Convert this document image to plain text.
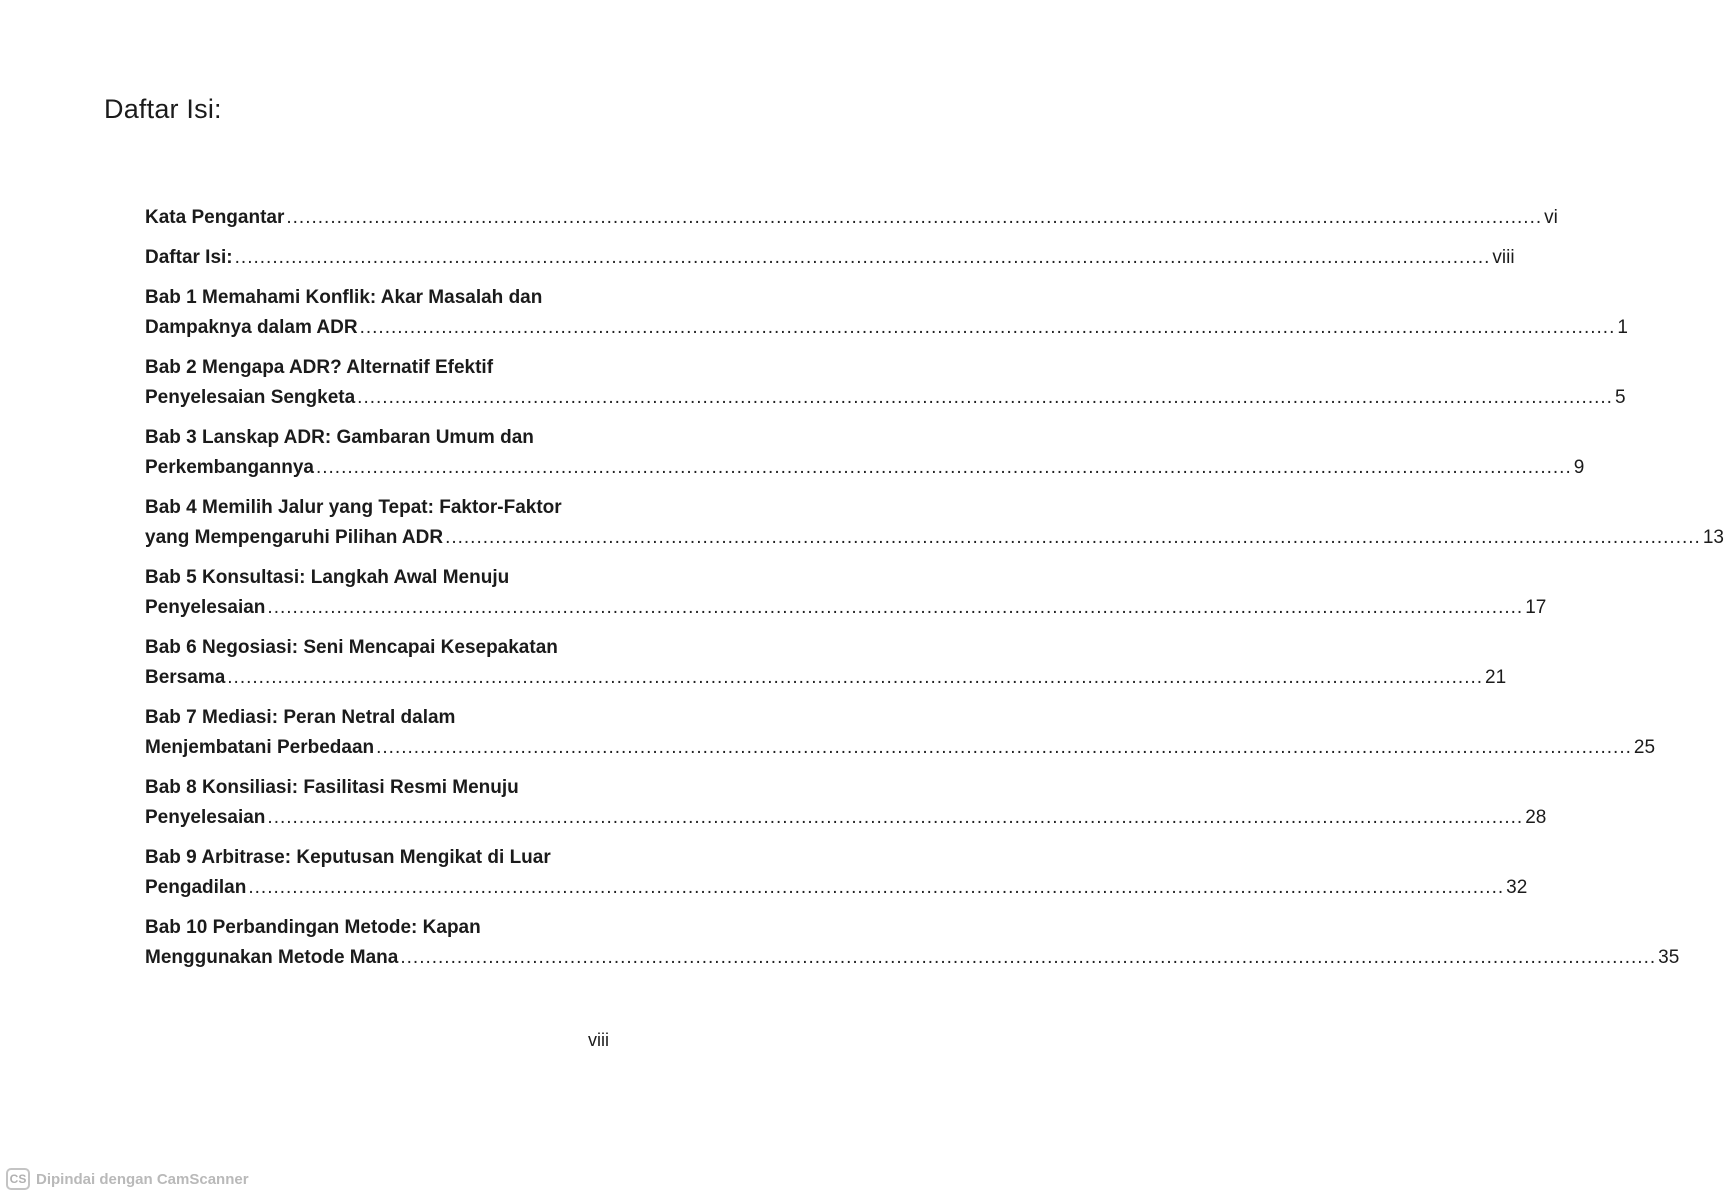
Daftar Isi:
Kata Pengantar ........................................................................................................................................................................................................ vi
Daftar Isi: ........................................................................................................................................................................................................ viii
Bab 1 Memahami Konflik: Akar Masalah dan
Dampaknya dalam ADR ........................................................................................................................................................................................................ 1
Bab 2 Mengapa ADR? Alternatif Efektif
Penyelesaian Sengketa ........................................................................................................................................................................................................ 5
Bab 3 Lanskap ADR: Gambaran Umum dan
Perkembangannya ........................................................................................................................................................................................................ 9
Bab 4 Memilih Jalur yang Tepat: Faktor-Faktor
yang Mempengaruhi Pilihan ADR ........................................................................................................................................................................................................ 13
Bab 5 Konsultasi: Langkah Awal Menuju
Penyelesaian ........................................................................................................................................................................................................ 17
Bab 6 Negosiasi: Seni Mencapai Kesepakatan
Bersama ........................................................................................................................................................................................................ 21
Bab 7 Mediasi: Peran Netral dalam
Menjembatani Perbedaan ........................................................................................................................................................................................................ 25
Bab 8 Konsiliasi: Fasilitasi Resmi Menuju
Penyelesaian ........................................................................................................................................................................................................ 28
Bab 9 Arbitrase: Keputusan Mengikat di Luar
Pengadilan ........................................................................................................................................................................................................ 32
Bab 10 Perbandingan Metode: Kapan
Menggunakan Metode Mana ........................................................................................................................................................................................................ 35
viii
CS Dipindai dengan CamScanner
